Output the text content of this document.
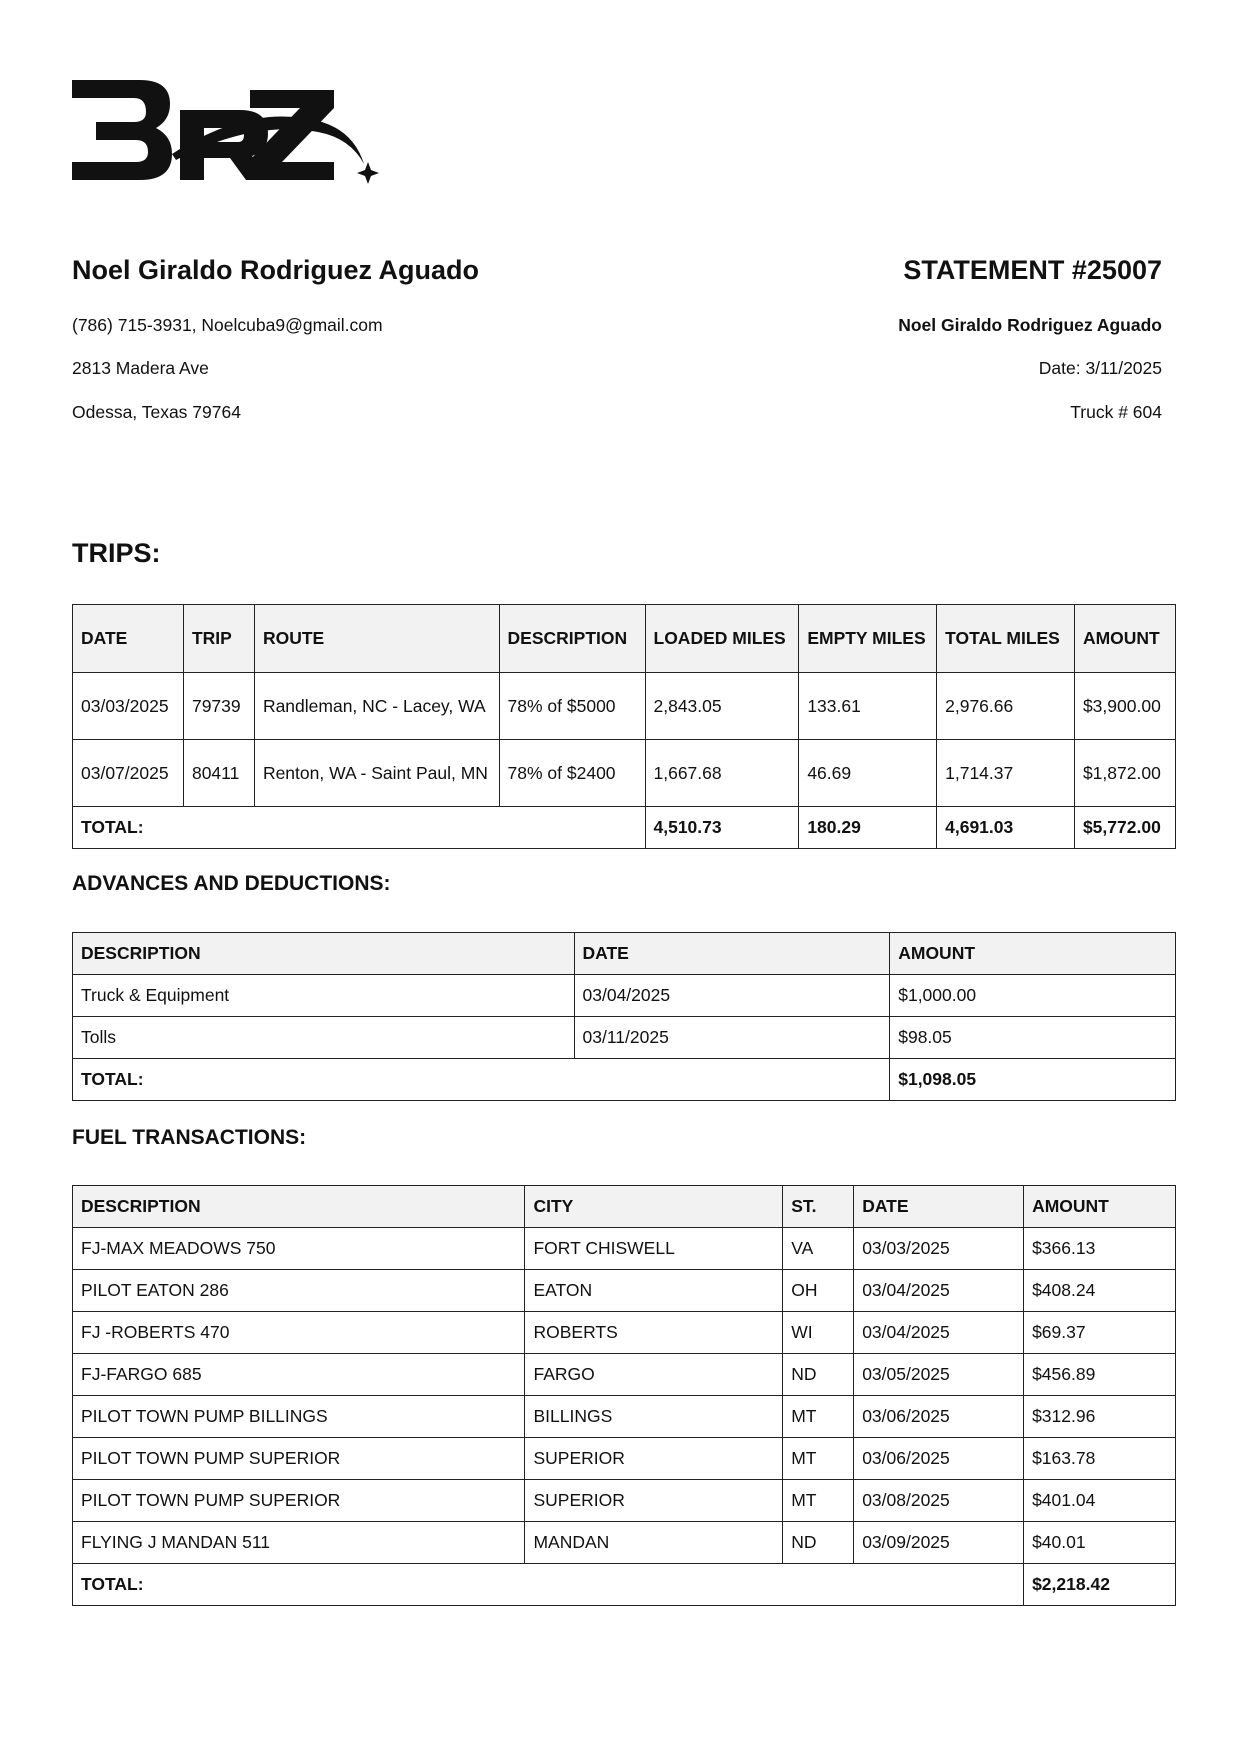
Noel Giraldo Rodriguez Aguado

(786) 715-3931, Noelcuba9@gmail.com

2813 Madera Ave

Odessa, Texas 79764

STATEMENT #25007

Noel Giraldo Rodriguez Aguado

Date: 3/11/2025

Truck # 604

TRIPS:
DATE	TRIP	ROUTE	DESCRIPTION	LOADED MILES	EMPTY MILES	TOTAL MILES	AMOUNT
03/03/2025	79739	Randleman, NC - Lacey, WA	78% of $5000	2,843.05	133.61	2,976.66	$3,900.00
03/07/2025	80411	Renton, WA - Saint Paul, MN	78% of $2400	1,667.68	46.69	1,714.37	$1,872.00
TOTAL:				4,510.73	180.29	4,691.03	$5,772.00
ADVANCES AND DEDUCTIONS:
DESCRIPTION	DATE	AMOUNT
Truck & Equipment	03/04/2025	$1,000.00
Tolls	03/11/2025	$98.05
TOTAL:		$1,098.05
FUEL TRANSACTIONS:
DESCRIPTION	CITY	ST.	DATE	AMOUNT
FJ-MAX MEADOWS 750	FORT CHISWELL	VA	03/03/2025	$366.13
PILOT EATON 286	EATON	OH	03/04/2025	$408.24
FJ -ROBERTS 470	ROBERTS	WI	03/04/2025	$69.37
FJ-FARGO 685	FARGO	ND	03/05/2025	$456.89
PILOT TOWN PUMP BILLINGS	BILLINGS	MT	03/06/2025	$312.96
PILOT TOWN PUMP SUPERIOR	SUPERIOR	MT	03/06/2025	$163.78
PILOT TOWN PUMP SUPERIOR	SUPERIOR	MT	03/08/2025	$401.04
FLYING J MANDAN 511	MANDAN	ND	03/09/2025	$40.01
TOTAL:				$2,218.42
